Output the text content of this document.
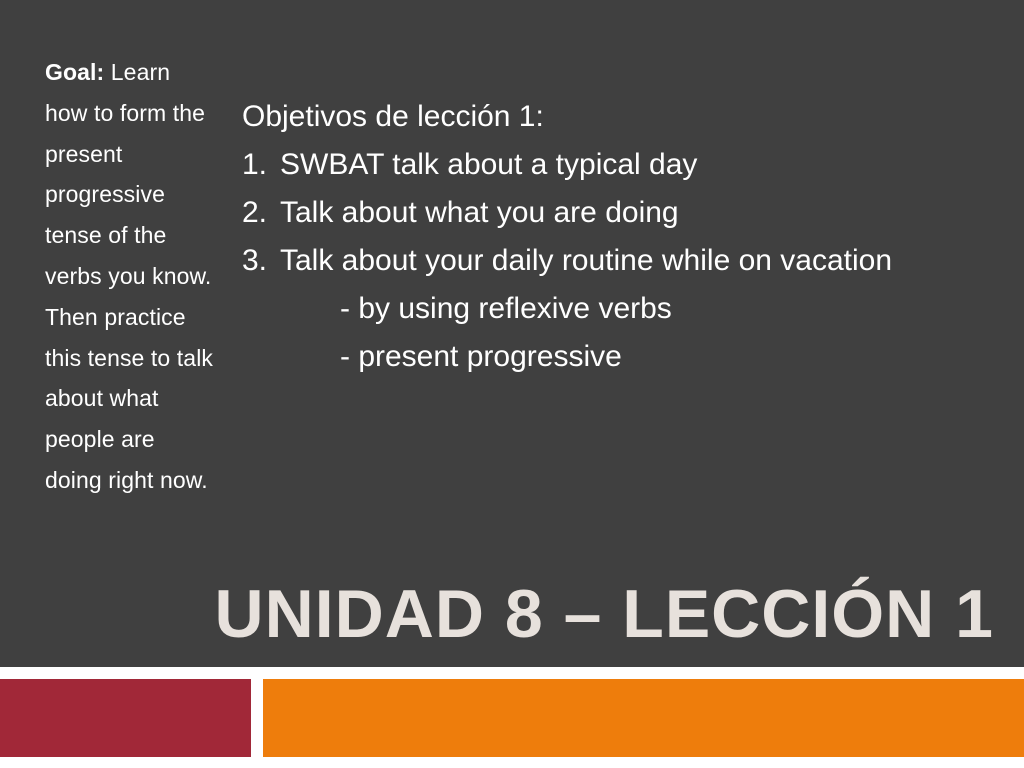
Goal: Learn how to form the present progressive tense of the verbs you know. Then practice this tense to talk about what people are doing right now.
Objetivos de lección 1:
1. SWBAT talk about a typical day
2. Talk about what you are doing
3. Talk about your daily routine while on vacation
- by using reflexive verbs
- present progressive
UNIDAD 8 – LECCIÓN 1
